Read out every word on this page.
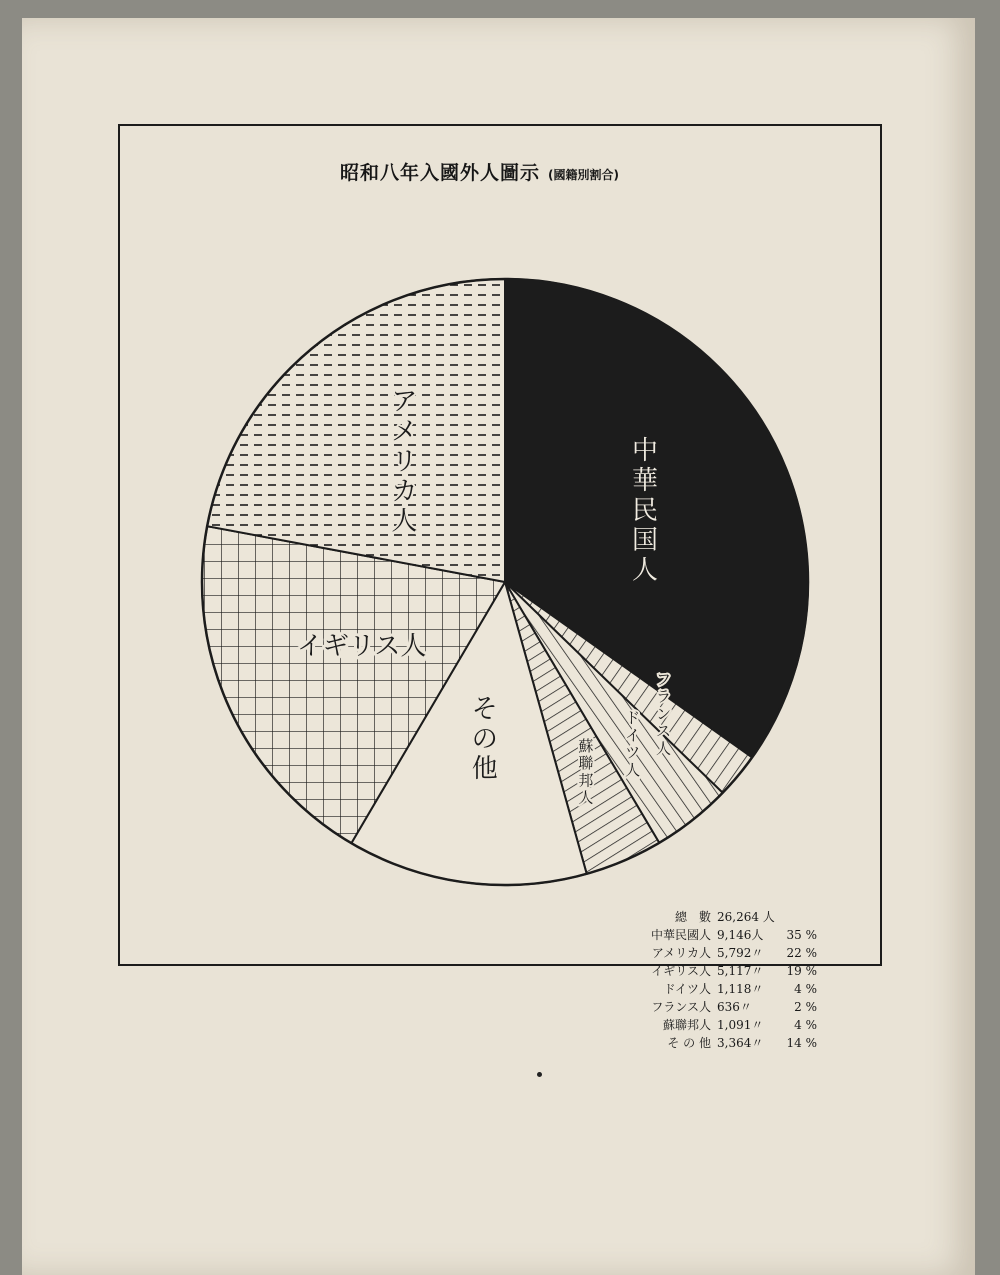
昭和八年入國外人圖示 (國籍別割合)
中華民国人
フランス人
ドイツ人
蘇聯邦人
その他
イギリス人
アメリカ人
總　數 26,264 人
中華民國人 9,146人	35 %
アメリカ人 5,792〃	22 %
イギリス人 5,117〃	19 %
ドイツ人 1,118〃	4 %
フランス人 636〃	2 %
蘇聯邦人 1,091〃	4 %
そ の 他 3,364〃	14 %
